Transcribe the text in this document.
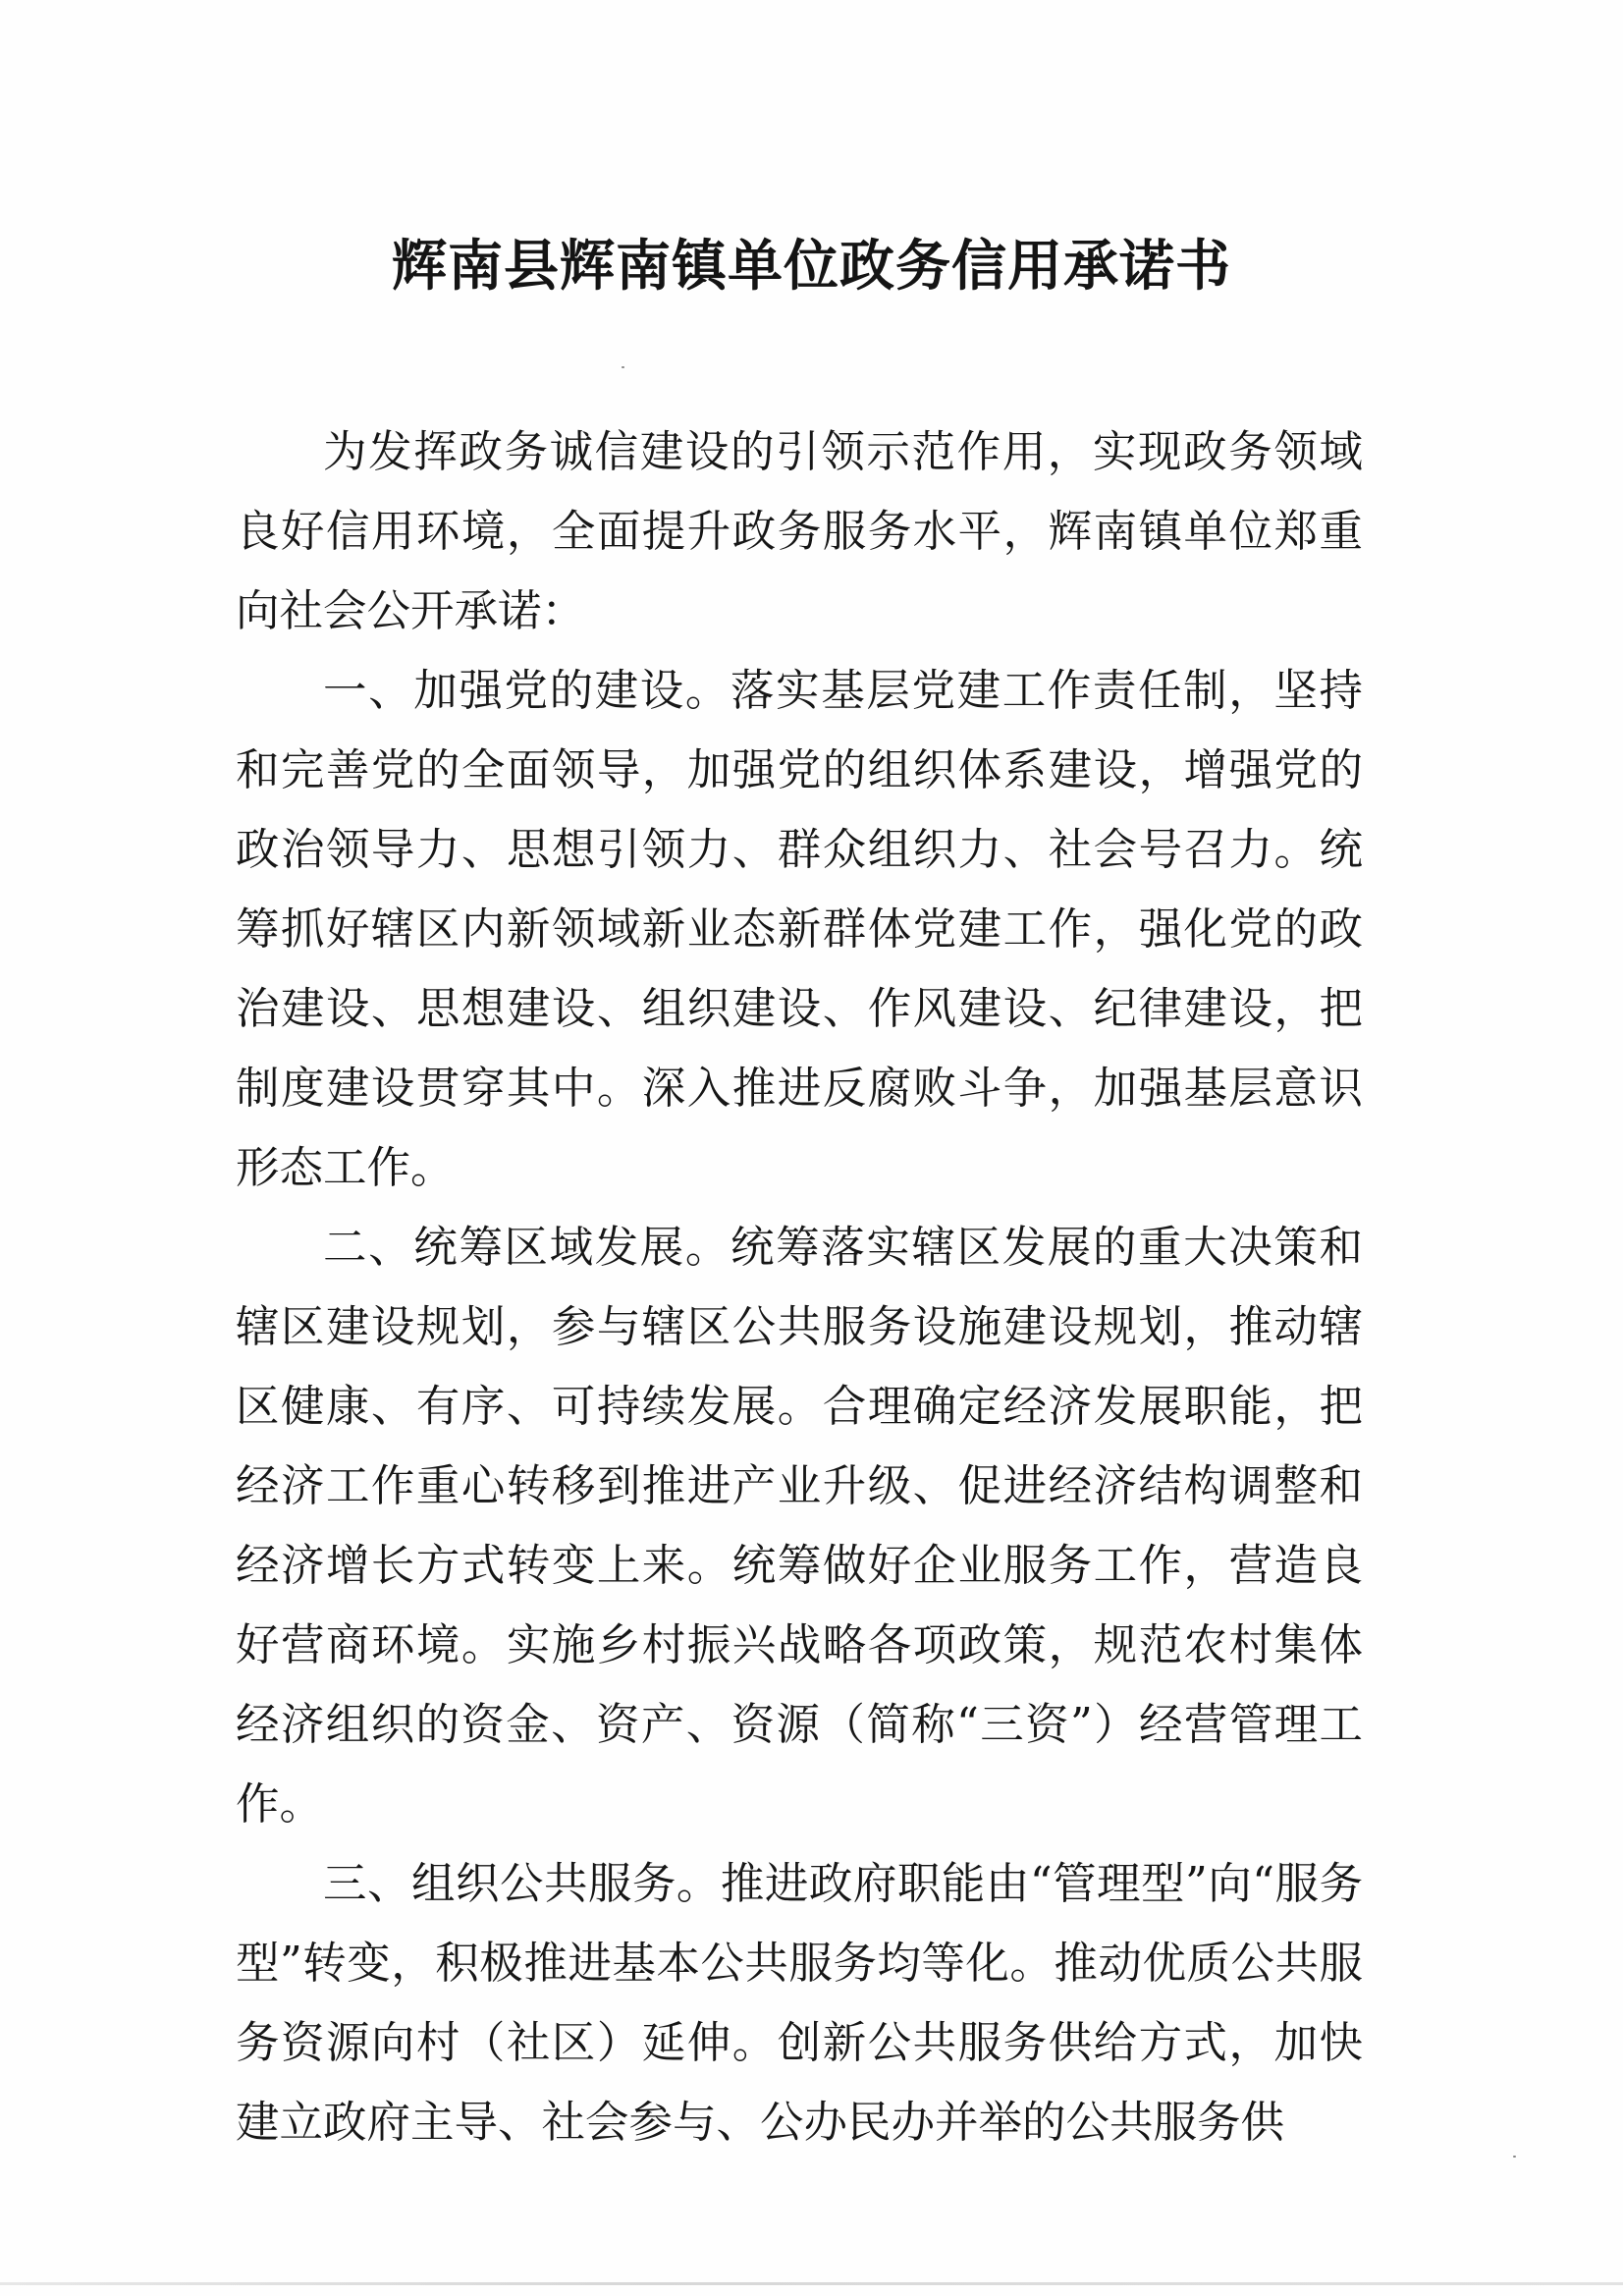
辉南县辉南镇单位政务信用承诺书

为发挥政务诚信建设的引领示范作用，实现政务领域良好信用环境，全面提升政务服务水平，辉南镇单位郑重向社会公开承诺：

一、加强党的建设。落实基层党建工作责任制，坚持和完善党的全面领导，加强党的组织体系建设，增强党的政治领导力、思想引领力、群众组织力、社会号召力。统筹抓好辖区内新领域新业态新群体党建工作，强化党的政治建设、思想建设、组织建设、作风建设、纪律建设，把制度建设贯穿其中。深入推进反腐败斗争，加强基层意识形态工作。

二、统筹区域发展。统筹落实辖区发展的重大决策和辖区建设规划，参与辖区公共服务设施建设规划，推动辖区健康、有序、可持续发展。合理确定经济发展职能，把经济工作重心转移到推进产业升级、促进经济结构调整和经济增长方式转变上来。统筹做好企业服务工作，营造良好营商环境。实施乡村振兴战略各项政策，规范农村集体经济组织的资金、资产、资源（简称“三资”）经营管理工作。

三、组织公共服务。推进政府职能由“管理型”向“服务型”转变，积极推进基本公共服务均等化。推动优质公共服务资源向村（社区）延伸。创新公共服务供给方式，加快建立政府主导、社会参与、公办民办并举的公共服务供
